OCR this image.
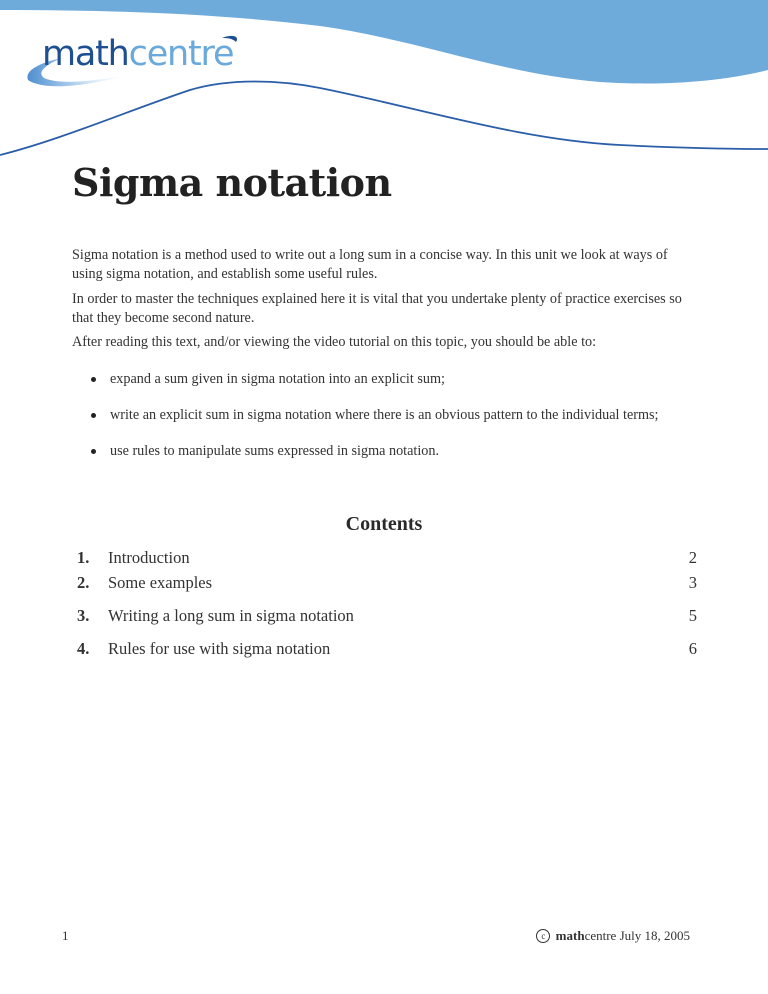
mathcentre
Sigma notation

Sigma notation is a method used to write out a long sum in a concise way. In this unit we look at ways of using sigma notation, and establish some useful rules.

In order to master the techniques explained here it is vital that you undertake plenty of practice exercises so that they become second nature.

After reading this text, and/or viewing the video tutorial on this topic, you should be able to:

expand a sum given in sigma notation into an explicit sum;
write an explicit sum in sigma notation where there is an obvious pattern to the individual terms;
use rules to manipulate sums expressed in sigma notation.
Contents
1. Introduction	2
2. Some examples	3
3. Writing a long sum in sigma notation	5
4. Rules for use with sigma notation	6
1	c mathcentre July 18, 2005
